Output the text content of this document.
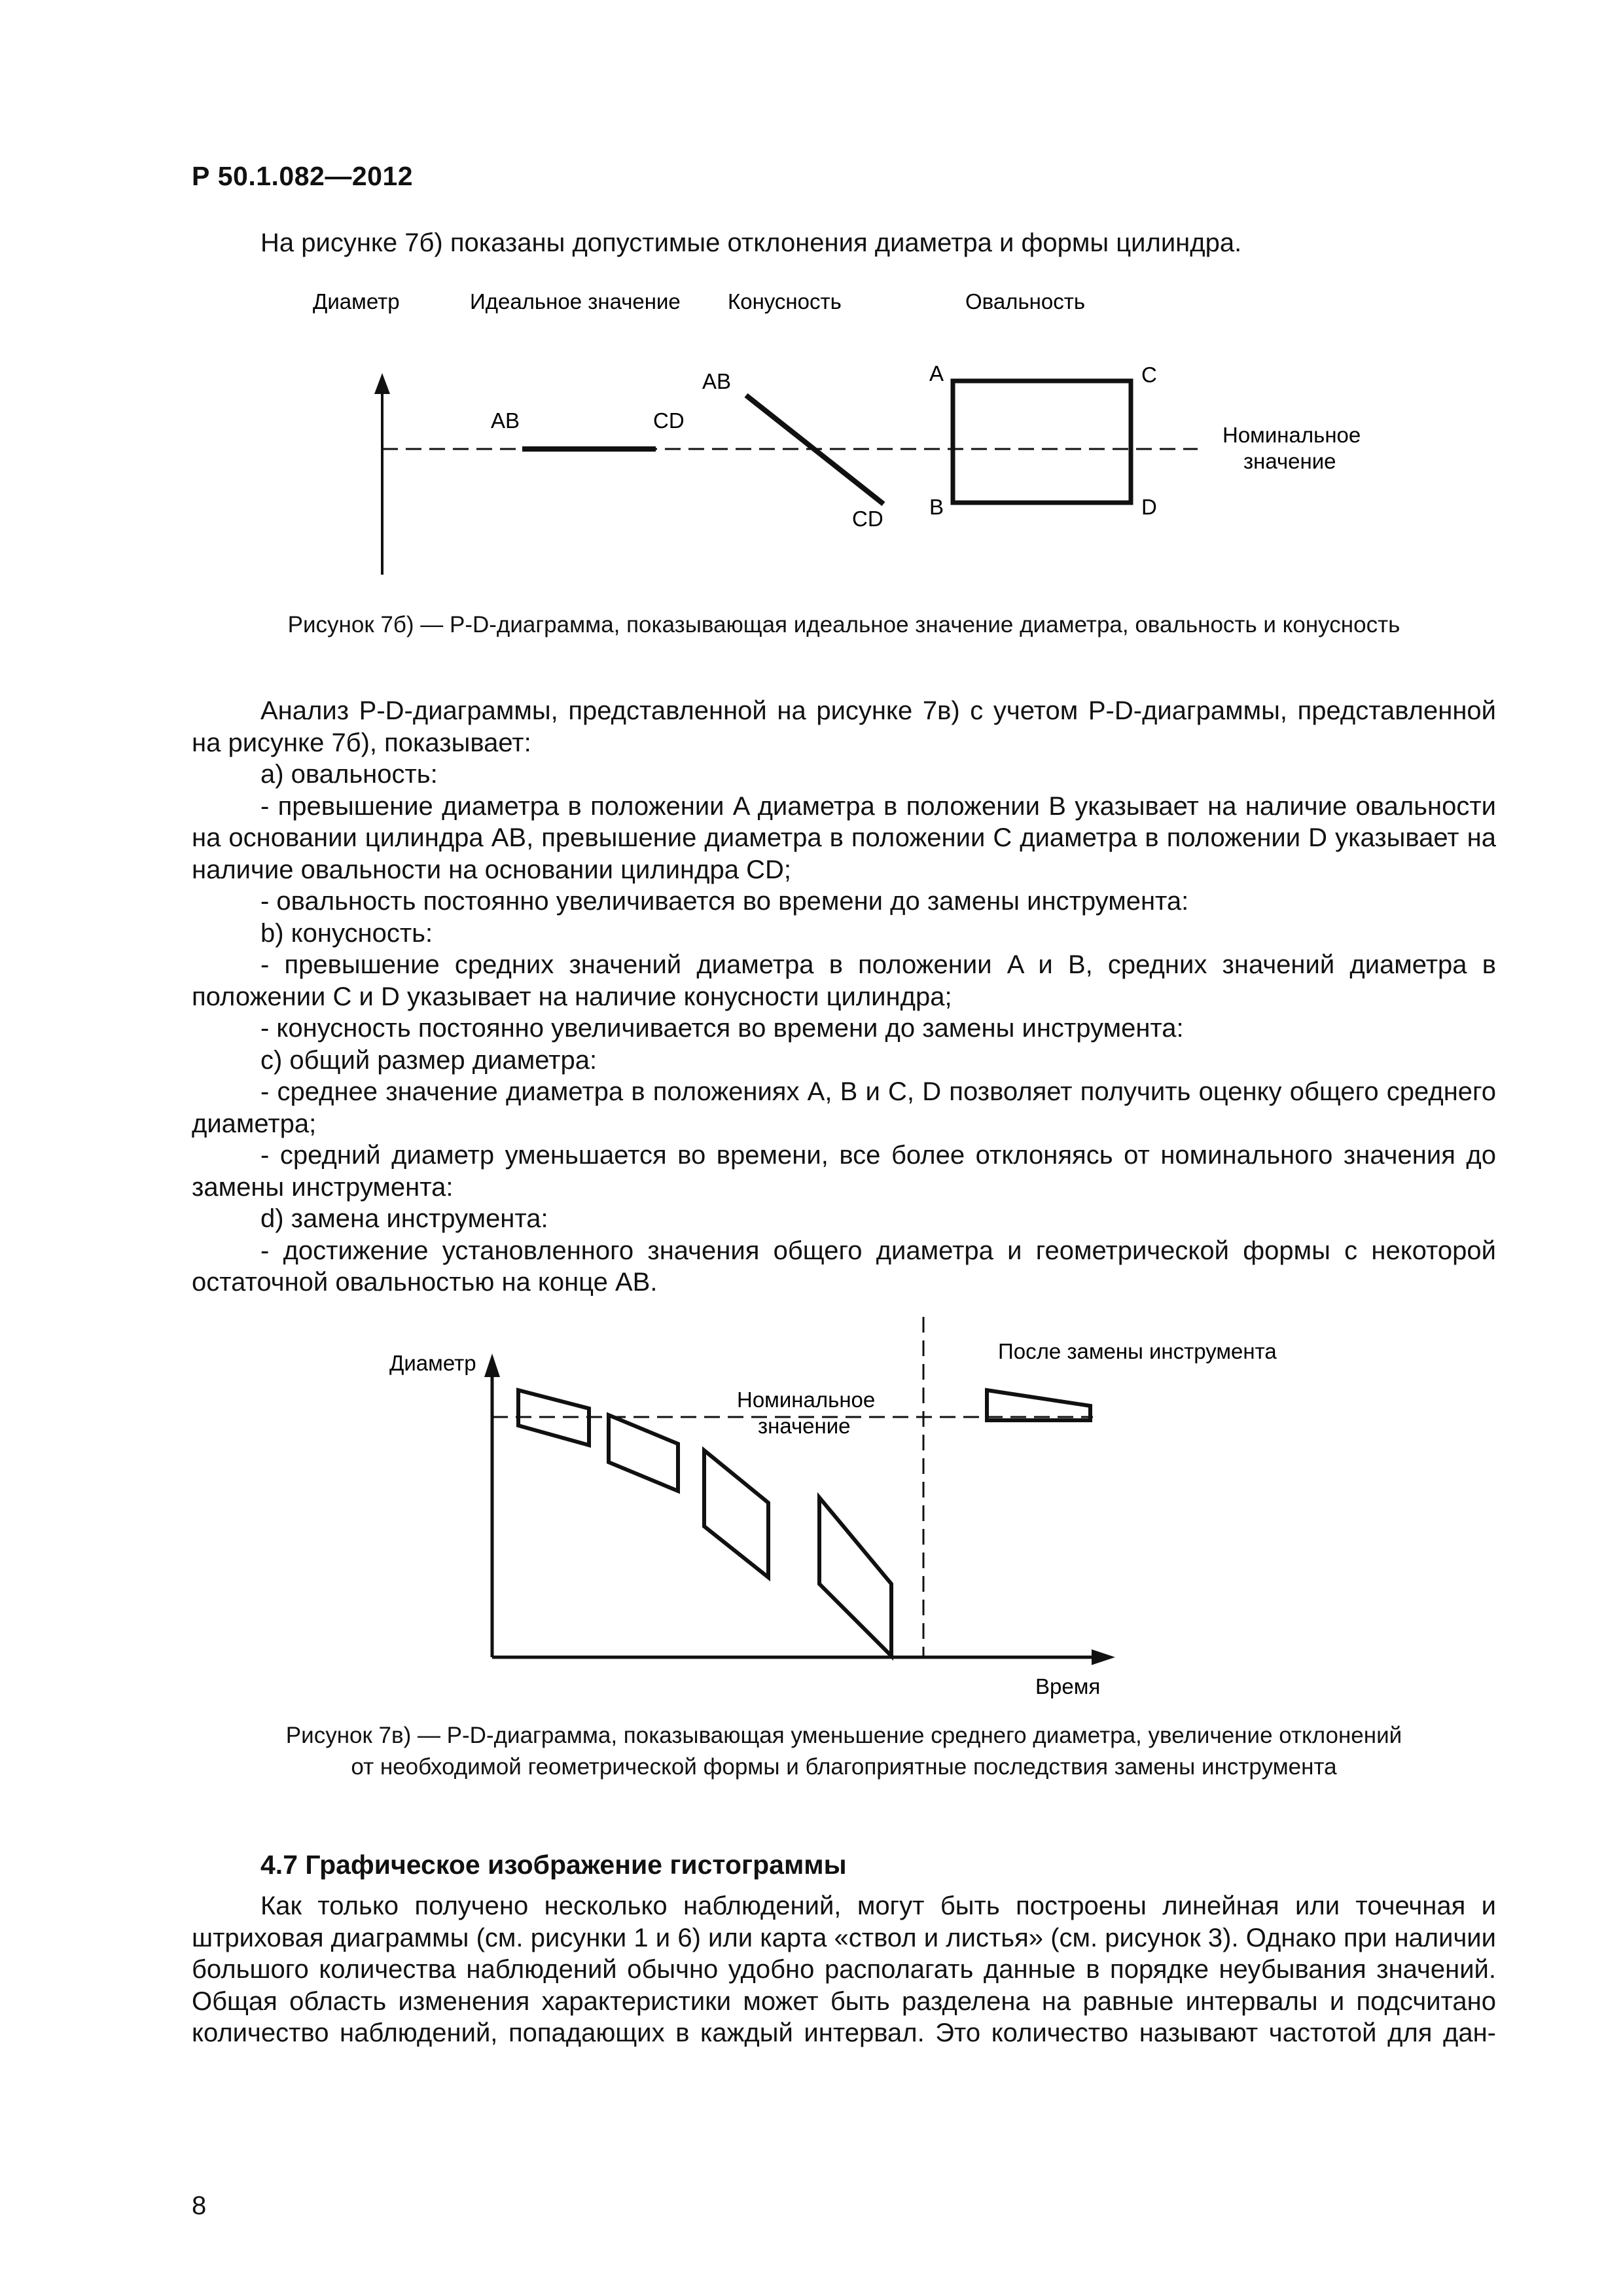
Р 50.1.082—2012
На рисунке 7б) показаны допустимые отклонения диаметра и формы цилиндра.
Диаметр	Идеальное значение Конусность	Овальность
AB	CD
AB
CD
A	C
B	D
Номинальное
значение
Рисунок 7б) — P-D-диаграмма, показывающая идеальное значение диаметра, овальность и конусность

Анализ P-D-диаграммы, представленной на рисунке 7в) с учетом P-D-диаграммы, представленной на рисунке 7б), показывает:

a) овальность:

- превышение диаметра в положении A диаметра в положении B указывает на наличие овальности на основании цилиндра AB, превышение диаметра в положении C диаметра в положении D указывает на наличие овальности на основании цилиндра CD;

- овальность постоянно увеличивается во времени до замены инструмента:

b) конусность:

- превышение средних значений диаметра в положении A и B, средних значений диаметра в положении C и D указывает на наличие конусности цилиндра;

- конусность постоянно увеличивается во времени до замены инструмента:

c) общий размер диаметра:

- среднее значение диаметра в положениях A, B и C, D позволяет получить оценку общего среднего диаметра;

- средний диаметр уменьшается во времени, все более отклоняясь от номинального значения до замены инструмента:

d) замена инструмента:

- достижение установленного значения общего диаметра и геометрической формы с некоторой остаточной овальностью на конце AB.

Диаметр
Время
Номинальное
значение
После замены инструмента
Рисунок 7в) — P-D-диаграмма, показывающая уменьшение среднего диаметра, увеличение отклонений
от необходимой геометрической формы и благоприятные последствия замены инструмента
4.7 Графическое изображение гистограммы

Как только получено несколько наблюдений, могут быть построены линейная или точечная и штриховая диаграммы (см. рисунки 1 и 6) или карта «ствол и листья» (см. рисунок 3). Однако при наличии большого количества наблюдений обычно удобно располагать данные в порядке неубывания значений. Общая область изменения характеристики может быть разделена на равные интервалы и подсчитано количество наблюдений, попадающих в каждый интервал. Это количество называют частотой для дан-

8
